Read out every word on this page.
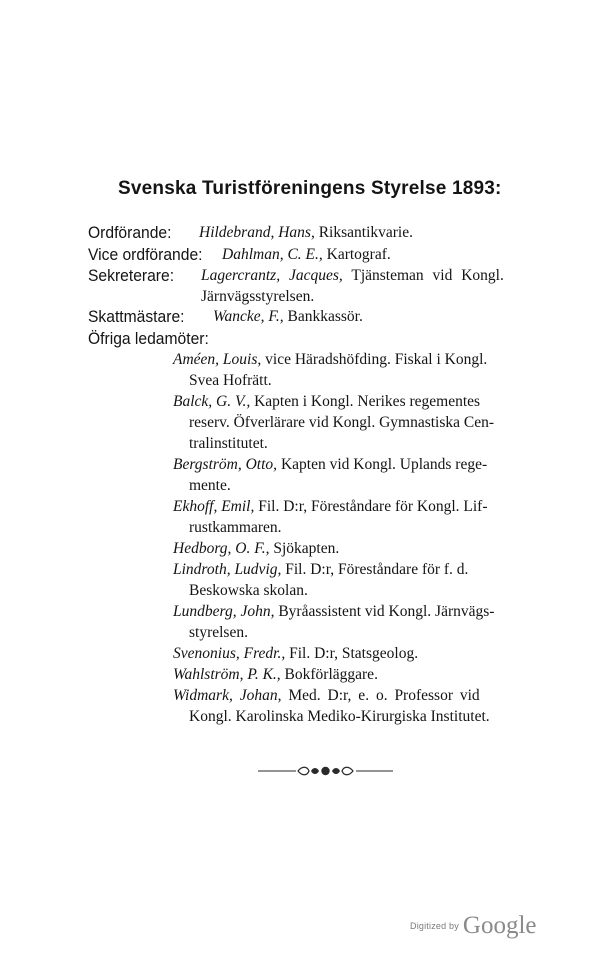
Svenska Turistföreningens Styrelse 1893:
Ordförande: Hildebrand, Hans, Riksantikvarie.
Vice ordförande: Dahlman, C. E., Kartograf.
Sekreterare: Lagercrantz, Jacques, Tjänsteman vid Kongl.
Järnvägsstyrelsen.
Skattmästare: Wancke, F., Bankkassör.
Öfriga ledamöter:
Améen, Louis, vice Häradshöfding. Fiskal i Kongl.
Svea Hofrätt.
Balck, G. V., Kapten i Kongl. Nerikes regementes
reserv. Öfverlärare vid Kongl. Gymnastiska Cen-
tralinstitutet.
Bergström, Otto, Kapten vid Kongl. Uplands rege-
mente.
Ekhoff, Emil, Fil. D:r, Föreståndare för Kongl. Lif-
rustkammaren.
Hedborg, O. F., Sjökapten.
Lindroth, Ludvig, Fil. D:r, Föreståndare för f. d.
Beskowska skolan.
Lundberg, John, Byråassistent vid Kongl. Järnvägs-
styrelsen.
Svenonius, Fredr., Fil. D:r, Statsgeolog.
Wahlström, P. K., Bokförläggare.
Widmark, Johan, Med. D:r, e. o. Professor vid
Kongl. Karolinska Mediko-Kirurgiska Institutet.
Digitized by Google
